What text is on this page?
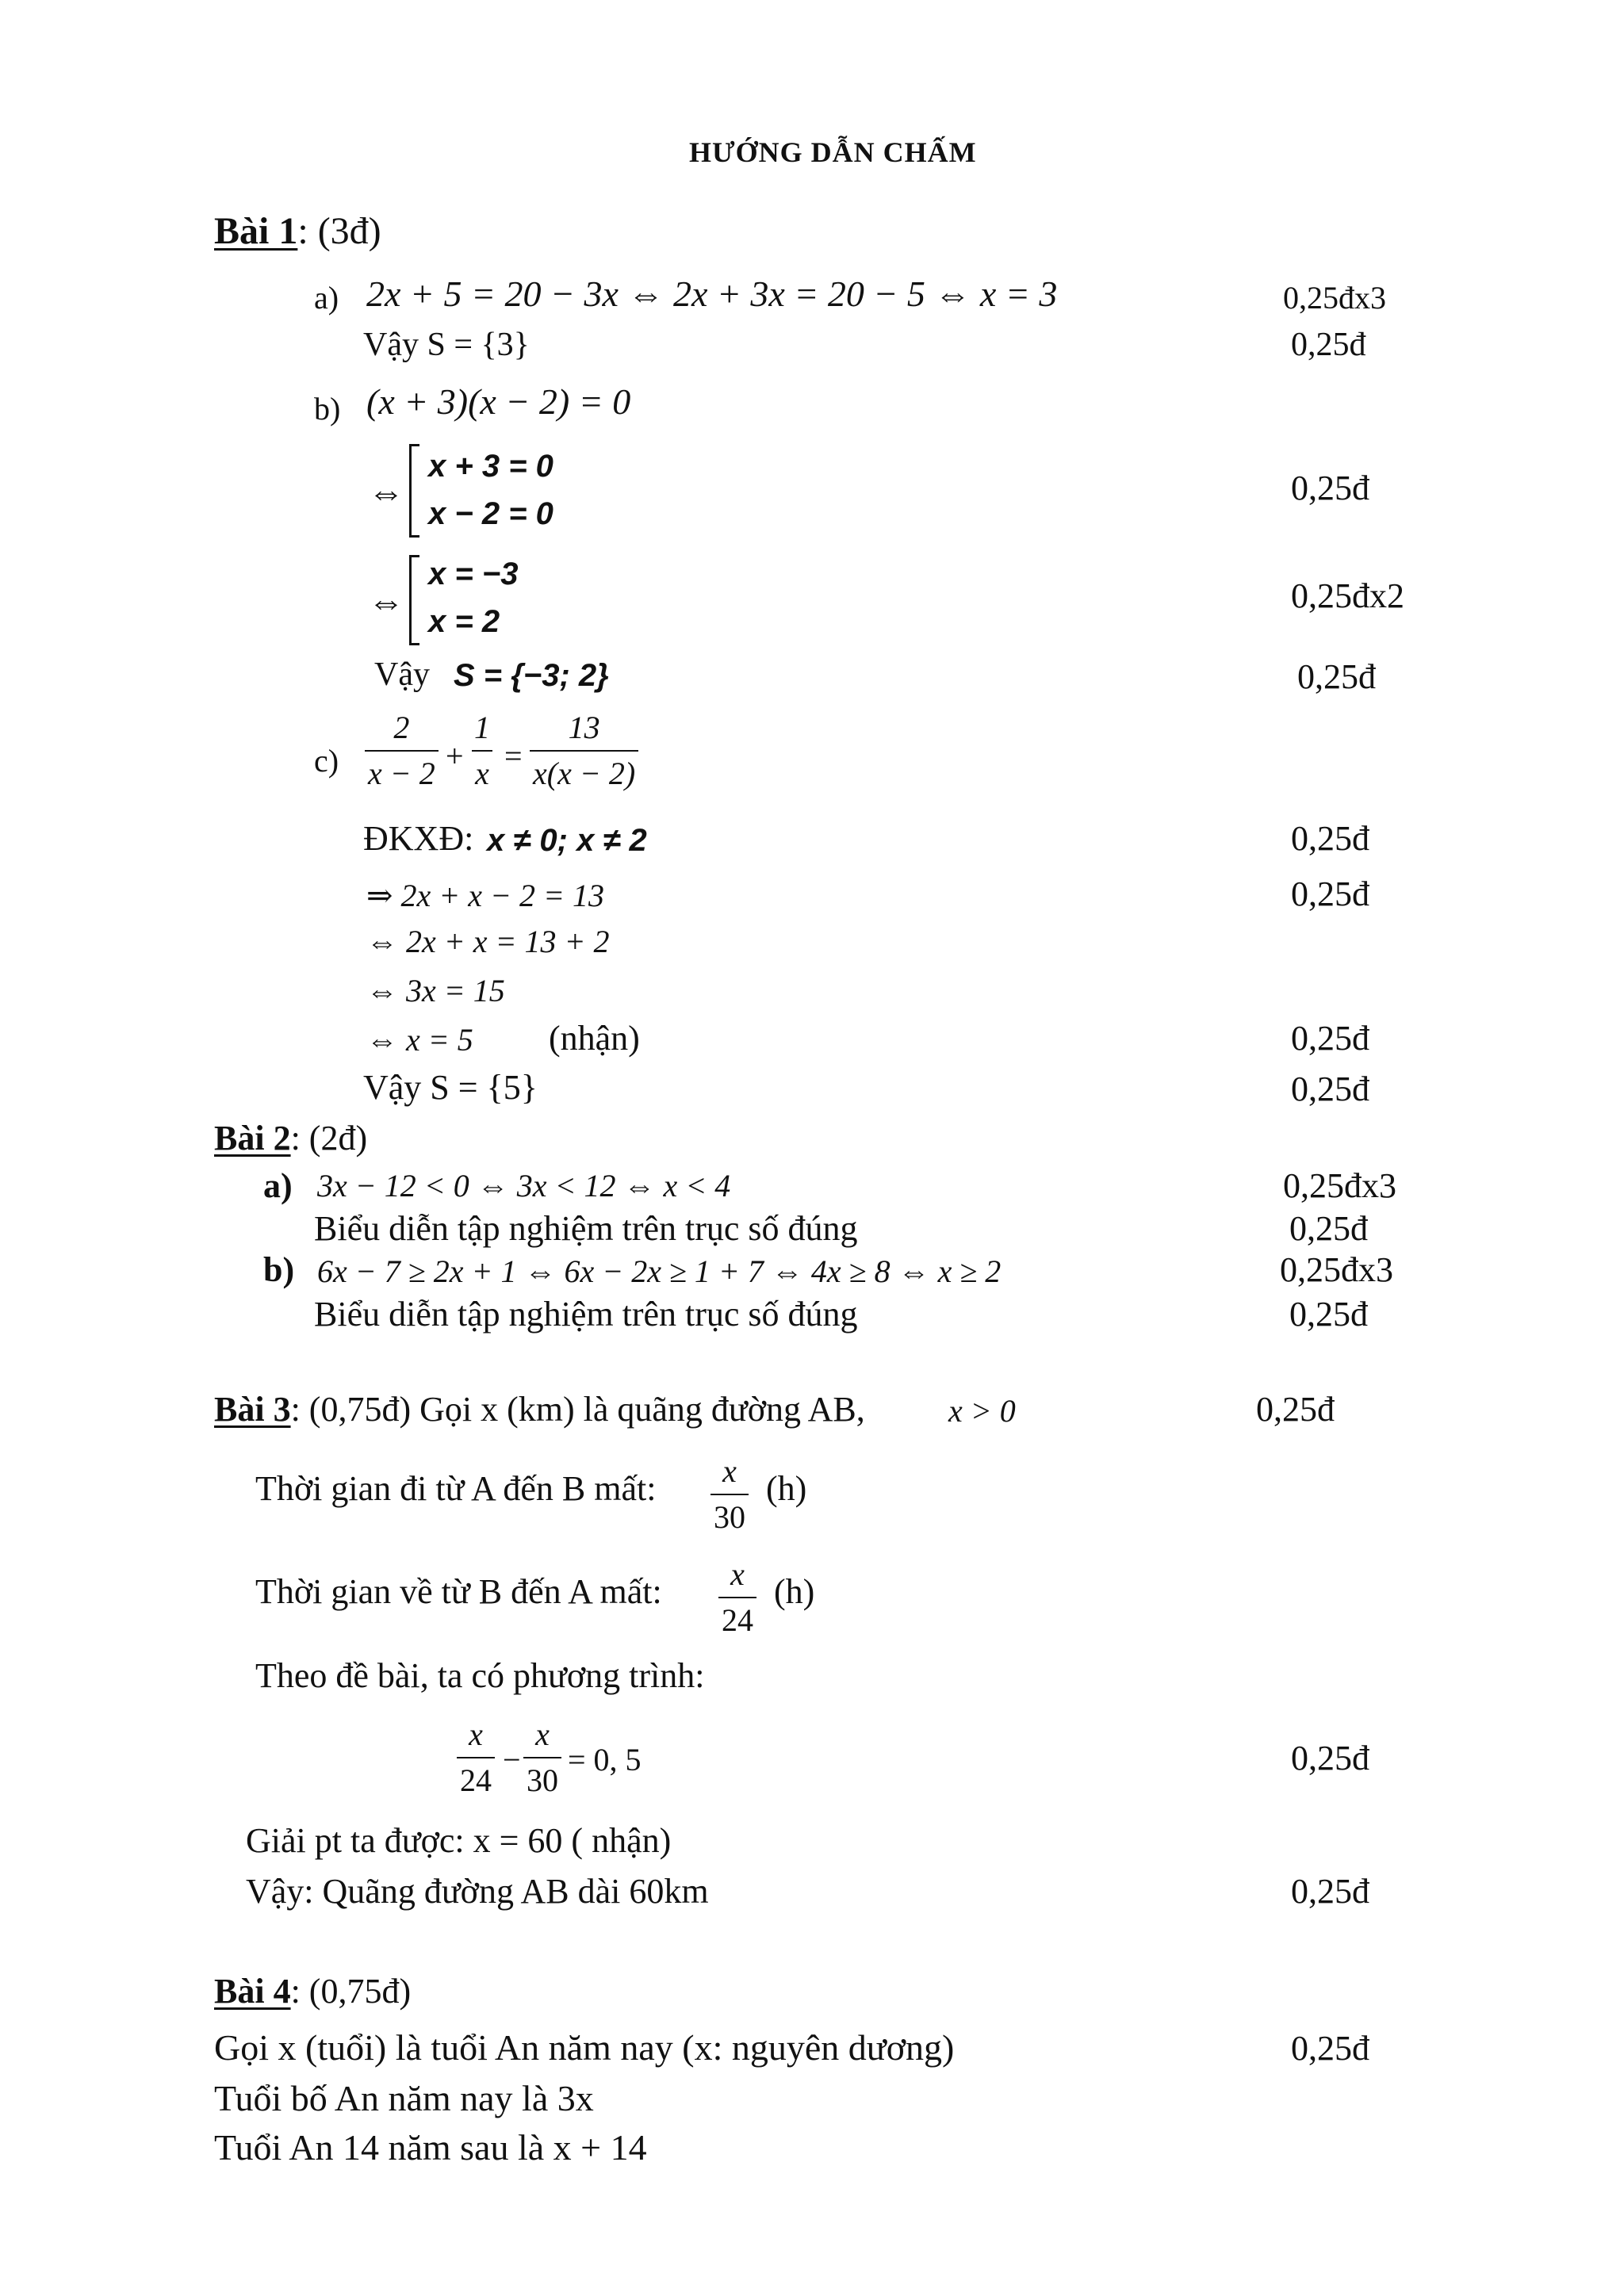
HƯỚNG DẪN CHẤM
Bài 1: (3đ)
a) 2x + 5 = 20 − 3x ⇔ 2x + 3x = 20 − 5 ⇔ x = 3	0,25đx3
Vậy S = {3}	0,25đ
b) (x + 3)(x − 2) = 0
⇔
x + 3 = 0
x − 2 = 0
0,25đ
⇔
x = −3
x = 2
0,25đx2
Vậy S = {−3; 2}	0,25đ
$c) \frac{2}{x - 2} + \frac{1}{x} = \frac{13}{x(x - 2)}$
ĐKXĐ: x ≠ 0; x ≠ 2	0,25đ
⇒ 2x + x − 2 = 13	0,25đ
⇔ 2x + x = 13 + 2
⇔ 3x = 15
⇔ x = 5 (nhận)	0,25đ
Vậy S = {5}	0,25đ
Bài 2: (2đ)
a) 3x − 12 < 0 ⇔ 3x < 12 ⇔ x < 4	0,25đx3
Biểu diễn tập nghiệm trên trục số đúng	0,25đ
b) 6x − 7 ≥ 2x + 1 ⇔ 6x − 2x ≥ 1 + 7 ⇔ 4x ≥ 8 ⇔ x ≥ 2	0,25đx3
Biểu diễn tập nghiệm trên trục số đúng	0,25đ
Bài 3: (0,75đ) Gọi x (km) là quãng đường AB,	x > 0	0,25đ
Thời gian đi từ A đến B mất: $\frac{x}{30} (h)$
Thời gian về từ B đến A mất: $\frac{x}{24} (h)$
Theo đề bài, ta có phương trình:
$\frac{x}{24} - \frac{x}{30} = 0$, 5	0,25đ
Giải pt ta được: x = 60 ( nhận)
Vậy: Quãng đường AB dài 60km	0,25đ
Bài 4: (0,75đ)
Gọi x (tuổi) là tuổi An năm nay (x: nguyên dương)	0,25đ
Tuổi bố An năm nay là 3x
Tuổi An 14 năm sau là x + 14
